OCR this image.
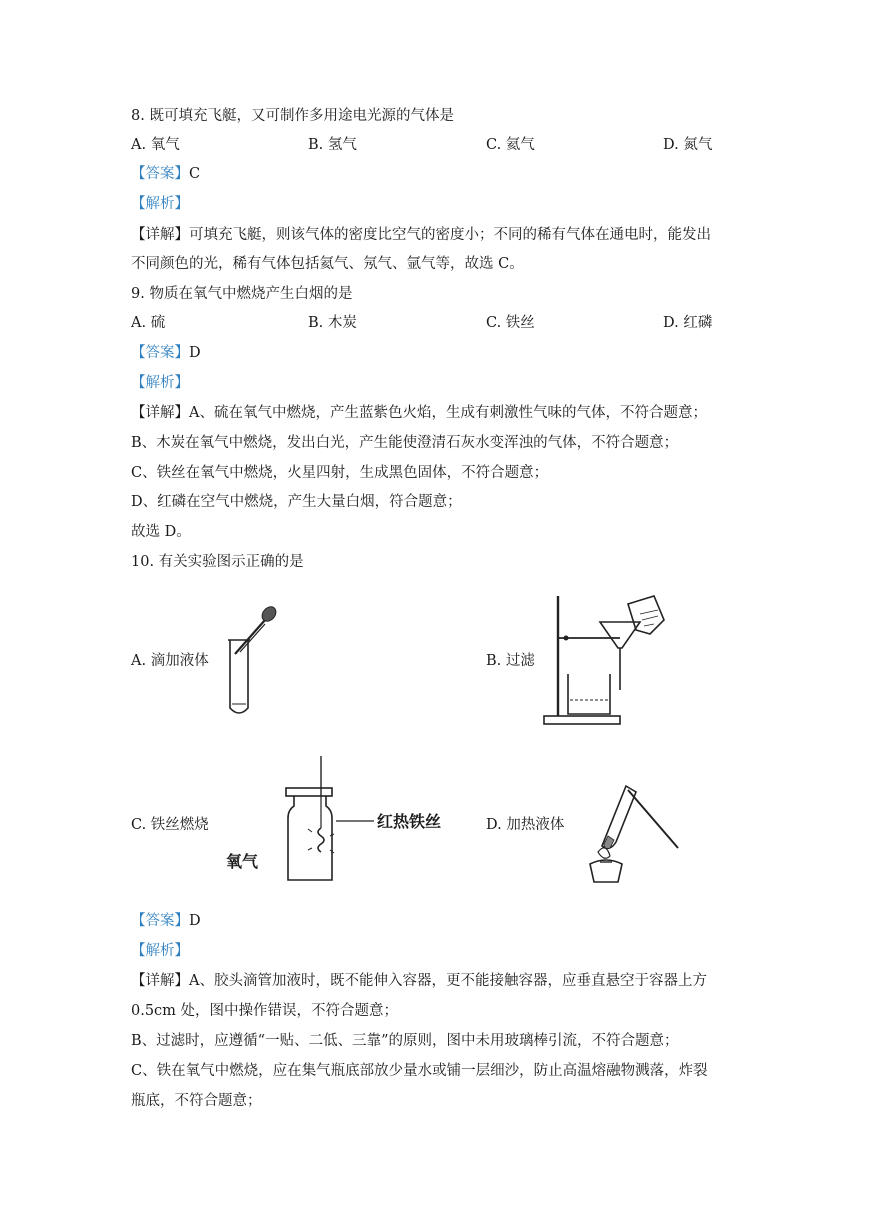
8. 既可填充飞艇，又可制作多用途电光源的气体是
A. 氧气	B. 氢气	C. 氦气	D. 氮气
【答案】C
【解析】
【详解】可填充飞艇，则该气体的密度比空气的密度小；不同的稀有气体在通电时，能发出
不同颜色的光，稀有气体包括氦气、氖气、氩气等，故选 C。
9. 物质在氧气中燃烧产生白烟的是
A. 硫	B. 木炭	C. 铁丝	D. 红磷
【答案】D
【解析】
【详解】A、硫在氧气中燃烧，产生蓝紫色火焰，生成有刺激性气味的气体，不符合题意；
B、木炭在氧气中燃烧，发出白光，产生能使澄清石灰水变浑浊的气体，不符合题意；
C、铁丝在氧气中燃烧，火星四射，生成黑色固体，不符合题意；
D、红磷在空气中燃烧，产生大量白烟，符合题意；
故选 D。
10. 有关实验图示正确的是
A. 滴加液体	B. 过滤
C. 铁丝燃烧	D. 加热液体
红热铁丝
氧气
【答案】D
【解析】
【详解】A、胶头滴管加液时，既不能伸入容器，更不能接触容器，应垂直悬空于容器上方
0.5cm 处，图中操作错误，不符合题意；
B、过滤时，应遵循“一贴、二低、三靠”的原则，图中未用玻璃棒引流，不符合题意；
C、铁在氧气中燃烧，应在集气瓶底部放少量水或铺一层细沙，防止高温熔融物溅落，炸裂
瓶底，不符合题意；
